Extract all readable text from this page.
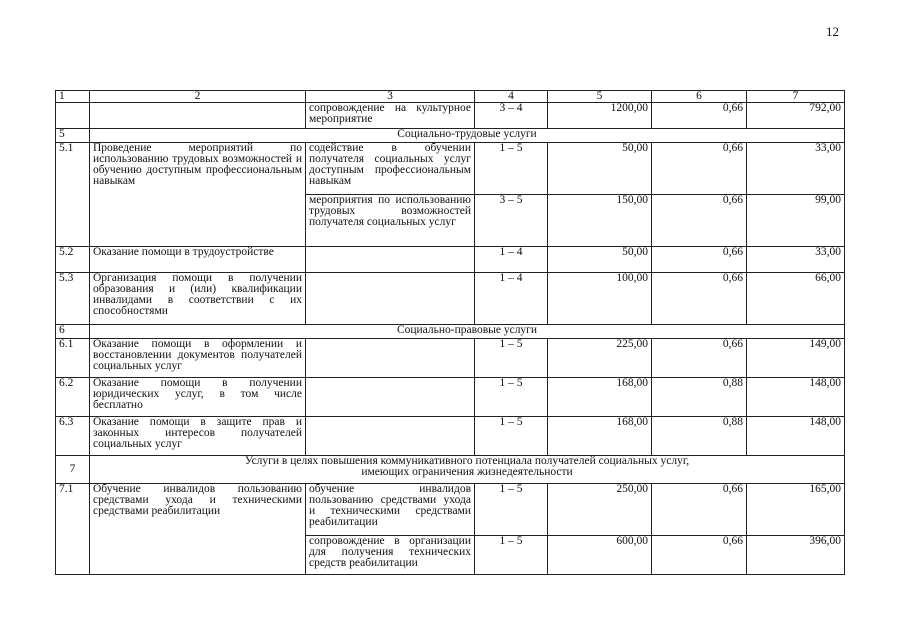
12
1	2	3	4	5	6	7
		сопровождение на культурное мероприятие	3 – 4	1200,00	0,66	792,00
5	Социально-трудовые услуги					
5.1	Проведение мероприятий по использованию трудовых возможностей и обучению доступным профессиональным навыкам	содействие в обучении получателя социальных услуг доступным профессиональным навыкам	1 – 5	50,00	0,66	33,00
		мероприятия по использованию трудовых возможностей получателя социальных услуг	3 – 5	150,00	0,66	99,00
5.2	Оказание помощи в трудоустройстве		1 – 4	50,00	0,66	33,00
5.3	Организация помощи в получении образования и (или) квалификации инвалидами в соответствии с их способностями		1 – 4	100,00	0,66	66,00
6	Социально-правовые услуги					
6.1	Оказание помощи в оформлении и восстановлении документов получателей социальных услуг		1 – 5	225,00	0,66	149,00
6.2	Оказание помощи в получении юридических услуг, в том числе бесплатно		1 – 5	168,00	0,88	148,00
6.3	Оказание помощи в защите прав и законных интересов получателей социальных услуг		1 – 5	168,00	0,88	148,00
7	Услуги в целях повышения коммуникативного потенциала получателей социальных услуг,
имеющих ограничения жизнедеятельности					

7.1	Обучение инвалидов пользованию средствами ухода и техническими средствами реабилитации	обучение инвалидов пользованию средствами ухода и техническими средствами реабилитации	1 – 5	250,00	0,66	165,00
		сопровождение в организации для получения технических средств реабилитации	1 – 5	600,00	0,66	396,00
